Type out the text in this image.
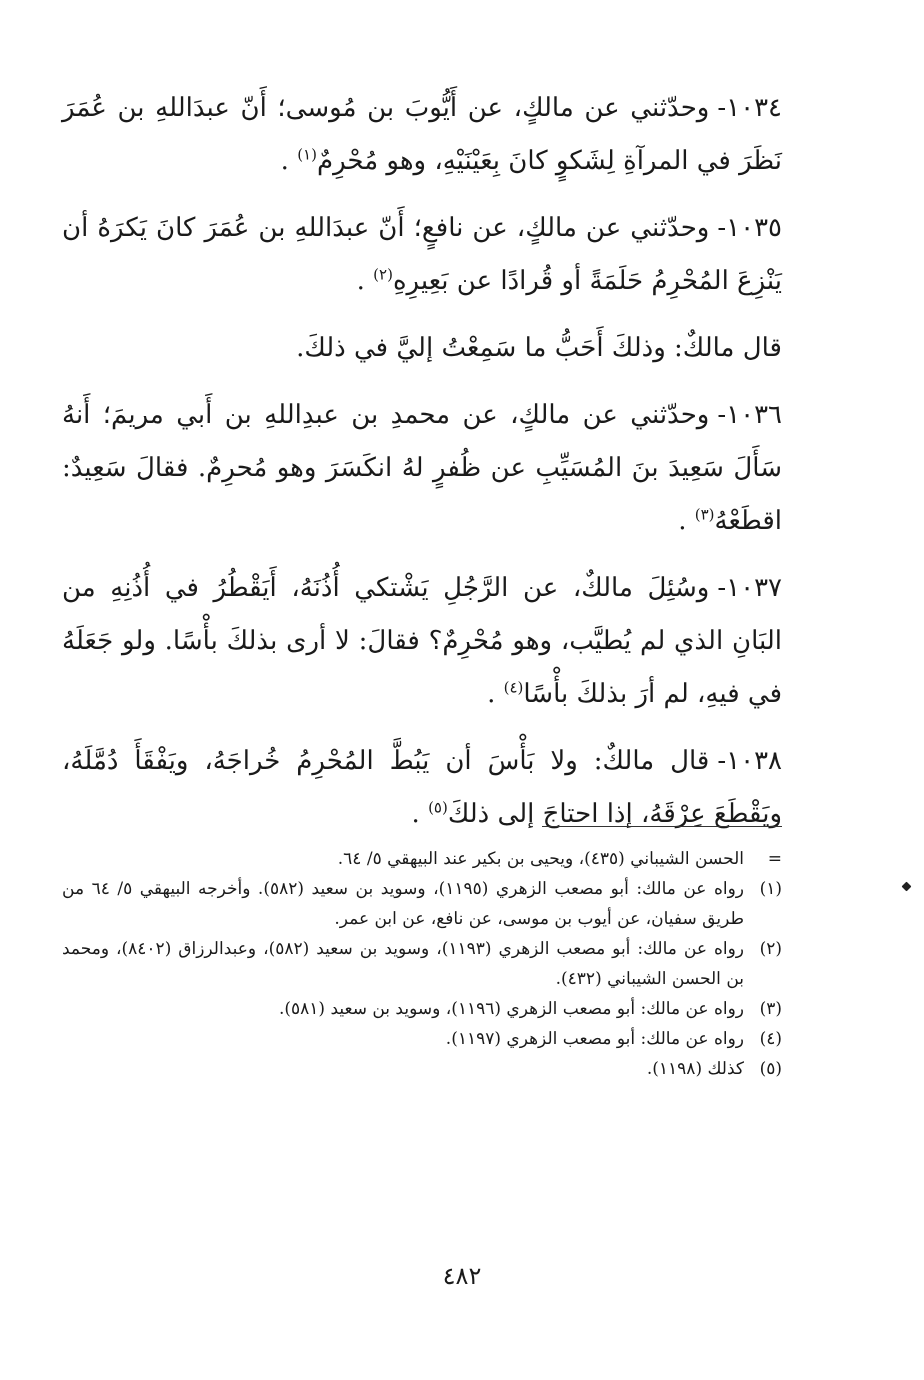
١٠٣٤-وحدّثني عن مالكٍ، عن أَيُّوبَ بن مُوسى؛ أَنّ عبدَاللهِ بن عُمَرَ نَظَرَ في المرآةِ لِشَكوٍ كانَ بِعَيْنَيْهِ، وهو مُحْرِمٌ$^{(١)}$ .

١٠٣٥-وحدّثني عن مالكٍ، عن نافعٍ؛ أَنّ عبدَاللهِ بن عُمَرَ كانَ يَكرَهُ أن يَنْزِعَ المُحْرِمُ حَلَمَةً أو قُرادًا عن بَعِيرِهِ$^{(٢)}$ .

قال مالكٌ: وذلكَ أَحَبُّ ما سَمِعْتُ إليَّ في ذلكَ.

١٠٣٦-وحدّثني عن مالكٍ، عن محمدِ بن عبدِاللهِ بن أَبي مريمَ؛ أَنهُ سَأَلَ سَعِيدَ بنَ المُسَيِّبِ عن ظُفرٍ لهُ انكَسَرَ وهو مُحرِمٌ. فقالَ سَعِيدٌ: اقطَعْهُ$^{(٣)}$ .

١٠٣٧-وسُئِلَ مالكٌ، عن الرَّجُلِ يَشْتكي أُذُنَهُ، أَيَقْطُرُ في أُذُنِهِ من البَانِ الذي لم يُطيَّب، وهو مُحْرِمٌ؟ فقالَ: لا أرى بذلكَ بأْسًا. ولو جَعَلَهُ في فيهِ، لم أرَ بذلكَ بأْسًا$^{(٤)}$ .

١٠٣٨-قال مالكٌ: ولا بَأْسَ أن يَبُطَّ المُحْرِمُ خُراجَهُ، ويَفْقَأَ دُمَّلَهُ، ويَقْطَعَ عِرْقَهُ، إذا احتاجَ إلى ذلكَ$^{(٥)}$ .

=
الحسن الشيباني (٤٣٥)، ويحيى بن بكير عند البيهقي ٥/ ٦٤.
(١)
رواه عن مالك: أبو مصعب الزهري (١١٩٥)، وسويد بن سعيد (٥٨٢). وأخرجه البيهقي ٥/ ٦٤ من طريق سفيان، عن أيوب بن موسى، عن نافع، عن ابن عمر.
(٢)
رواه عن مالك: أبو مصعب الزهري (١١٩٣)، وسويد بن سعيد (٥٨٢)، وعبدالرزاق (٨٤٠٢)، ومحمد بن الحسن الشيباني (٤٣٢).
(٣)
رواه عن مالك: أبو مصعب الزهري (١١٩٦)، وسويد بن سعيد (٥٨١).
(٤)
رواه عن مالك: أبو مصعب الزهري (١١٩٧).
(٥)
كذلك (١١٩٨).
٤٨٢
